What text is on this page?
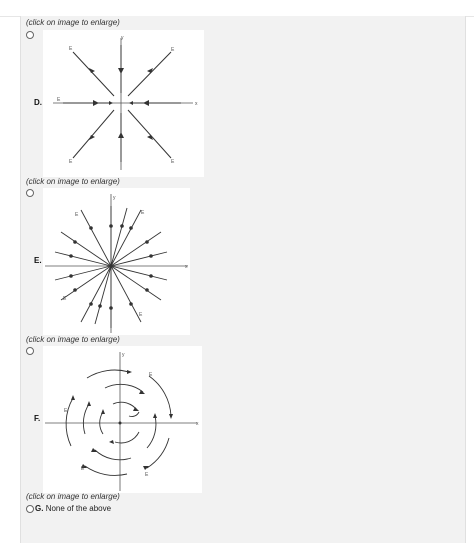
(click on image to enlarge)
D.
y
x
E
E	E
E	E
(click on image to enlarge)
E.
y
x
E	E
E
E
(click on image to enlarge)
F.
y
x
E
E
E
E
(click on image to enlarge)
G. None of the above
